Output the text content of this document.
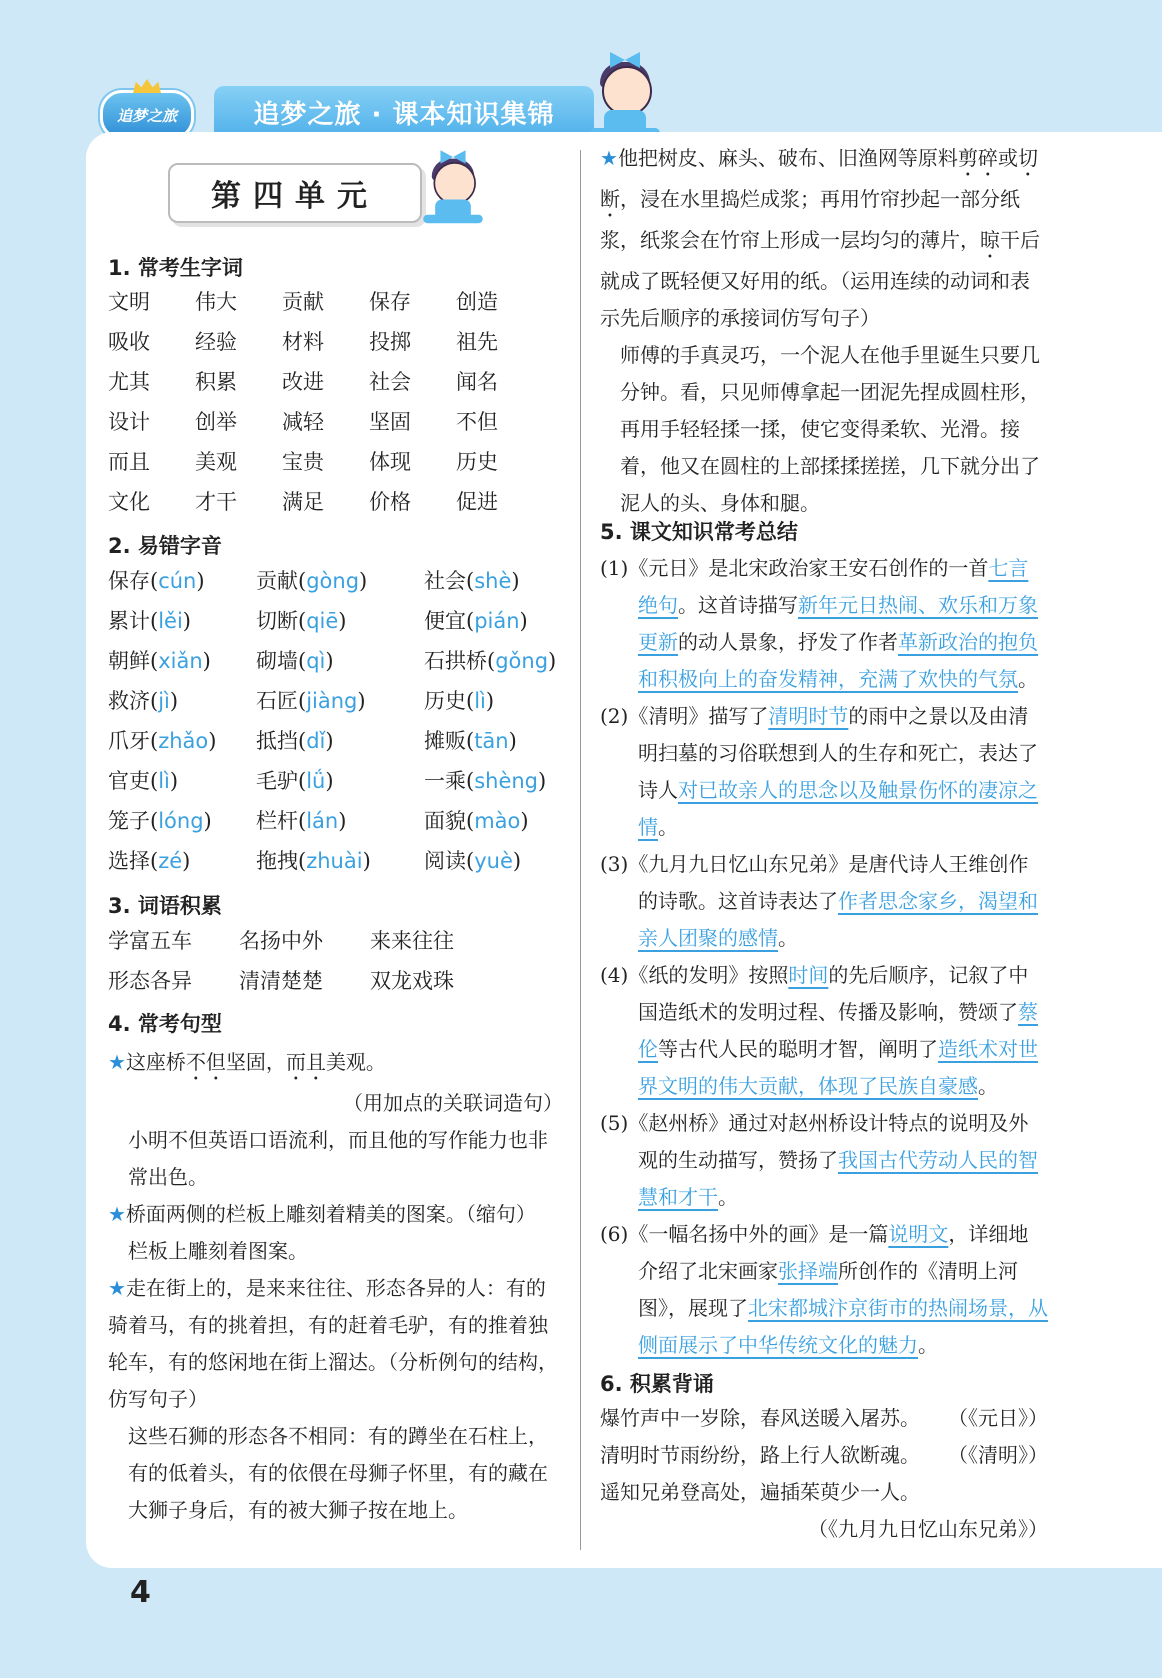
追梦之旅	追梦之旅 · 课本知识集锦
第四单元
1. 常考生字词
文明	伟大	贡献	保存	创造
吸收	经验	材料	投掷	祖先
尤其	积累	改进	社会	闻名
设计	创举	减轻	坚固	不但
而且	美观	宝贵	体现	历史
文化	才干	满足	价格	促进
2. 易错字音
保存(cún)	贡献(gòng)	社会(shè)
累计(lěi)	切断(qiē)	便宜(pián)
朝鲜(xiǎn)	砌墙(qì)	石拱桥(gǒng)
救济(jì)	石匠(jiàng)	历史(lì)
爪牙(zhǎo)	抵挡(dǐ)	摊贩(tān)
官吏(lì)	毛驴(lǘ)	一乘(shèng)
笼子(lóng)	栏杆(lán)	面貌(mào)
选择(zé)	拖拽(zhuài)	阅读(yuè)
3. 词语积累
学富五车	名扬中外	来来往往
形态各异	清清楚楚	双龙戏珠
4. 常考句型
★这座桥不但坚固，而且美观。
（用加点的关联词造句）
小明不但英语口语流利，而且他的写作能力也非常出色。
★桥面两侧的栏板上雕刻着精美的图案。（缩句）
栏板上雕刻着图案。
★走在街上的，是来来往往、形态各异的人：有的骑着马，有的挑着担，有的赶着毛驴，有的推着独轮车，有的悠闲地在街上溜达。（分析例句的结构，仿写句子）
这些石狮的形态各不相同：有的蹲坐在石柱上，有的低着头，有的依偎在母狮子怀里，有的藏在大狮子身后，有的被大狮子按在地上。
★他把树皮、麻头、破布、旧渔网等原料剪碎或切断，浸在水里捣烂成浆；再用竹帘抄起一部分纸浆，纸浆会在竹帘上形成一层均匀的薄片，晾干后就成了既轻便又好用的纸。（运用连续的动词和表示先后顺序的承接词仿写句子）
师傅的手真灵巧，一个泥人在他手里诞生只要几分钟。看，只见师傅拿起一团泥先捏成圆柱形，再用手轻轻揉一揉，使它变得柔软、光滑。接着，他又在圆柱的上部揉揉搓搓，几下就分出了泥人的头、身体和腿。
5. 课文知识常考总结
(1)《元日》是北宋政治家王安石创作的一首七言绝句。这首诗描写新年元日热闹、欢乐和万象更新的动人景象，抒发了作者革新政治的抱负和积极向上的奋发精神，充满了欢快的气氛。
(2)《清明》描写了清明时节的雨中之景以及由清明扫墓的习俗联想到人的生存和死亡，表达了诗人对已故亲人的思念以及触景伤怀的凄凉之情。
(3)《九月九日忆山东兄弟》是唐代诗人王维创作的诗歌。这首诗表达了作者思念家乡，渴望和亲人团聚的感情。
(4)《纸的发明》按照时间的先后顺序，记叙了中国造纸术的发明过程、传播及影响，赞颂了蔡伦等古代人民的聪明才智，阐明了造纸术对世界文明的伟大贡献，体现了民族自豪感。
(5)《赵州桥》通过对赵州桥设计特点的说明及外观的生动描写，赞扬了我国古代劳动人民的智慧和才干。
(6)《一幅名扬中外的画》是一篇说明文，详细地介绍了北宋画家张择端所创作的《清明上河图》，展现了北宋都城汴京街市的热闹场景，从侧面展示了中华传统文化的魅力。
6. 积累背诵
爆竹声中一岁除，春风送暖入屠苏。 （《元日》）
清明时节雨纷纷，路上行人欲断魂。 （《清明》）
遥知兄弟登高处，遍插茱萸少一人。
（《九月九日忆山东兄弟》）
4
